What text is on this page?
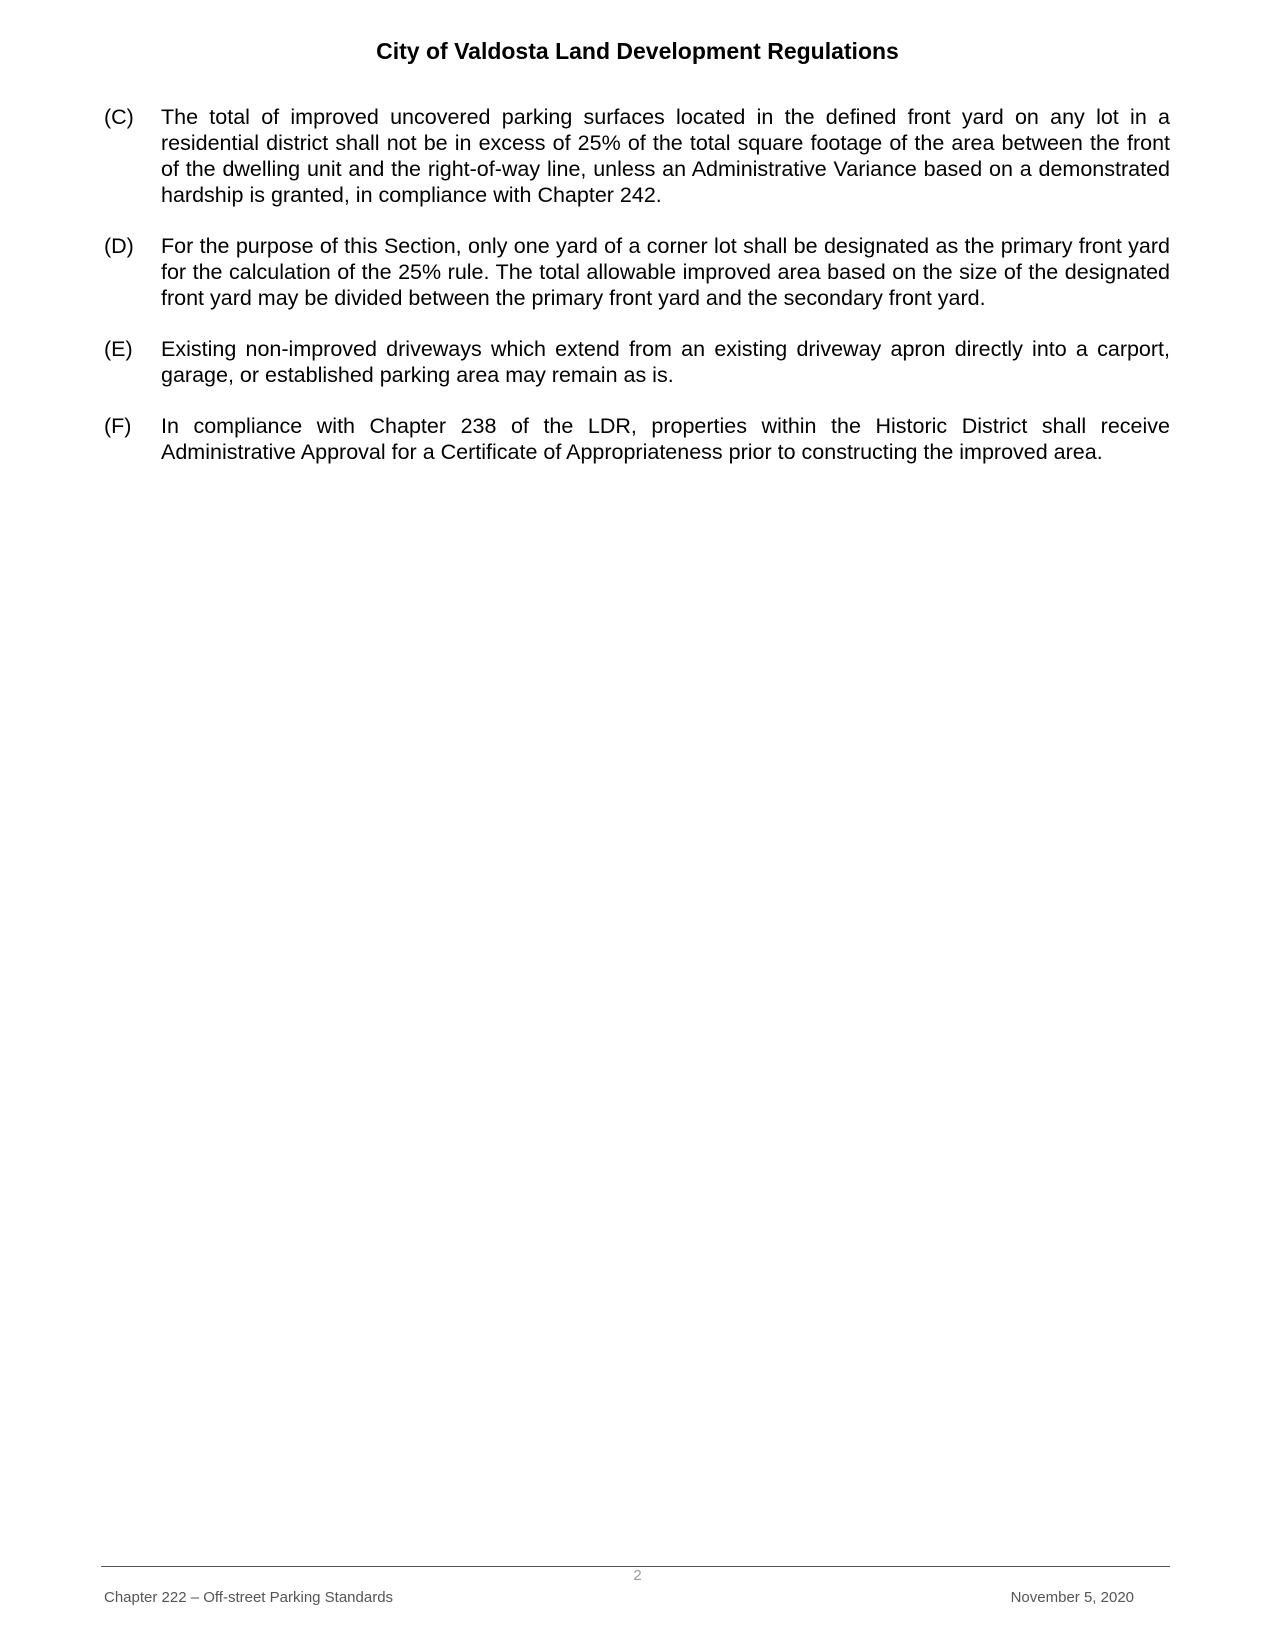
City of Valdosta Land Development Regulations
(C) The total of improved uncovered parking surfaces located in the defined front yard on any lot in a residential district shall not be in excess of 25% of the total square footage of the area between the front of the dwelling unit and the right-of-way line, unless an Administrative Variance based on a demonstrated hardship is granted, in compliance with Chapter 242.
(D) For the purpose of this Section, only one yard of a corner lot shall be designated as the primary front yard for the calculation of the 25% rule. The total allowable improved area based on the size of the designated front yard may be divided between the primary front yard and the secondary front yard.
(E) Existing non-improved driveways which extend from an existing driveway apron directly into a carport, garage, or established parking area may remain as is.
(F) In compliance with Chapter 238 of the LDR, properties within the Historic District shall receive Administrative Approval for a Certificate of Appropriateness prior to constructing the improved area.
2
Chapter 222 – Off-street Parking Standards	November 5, 2020
